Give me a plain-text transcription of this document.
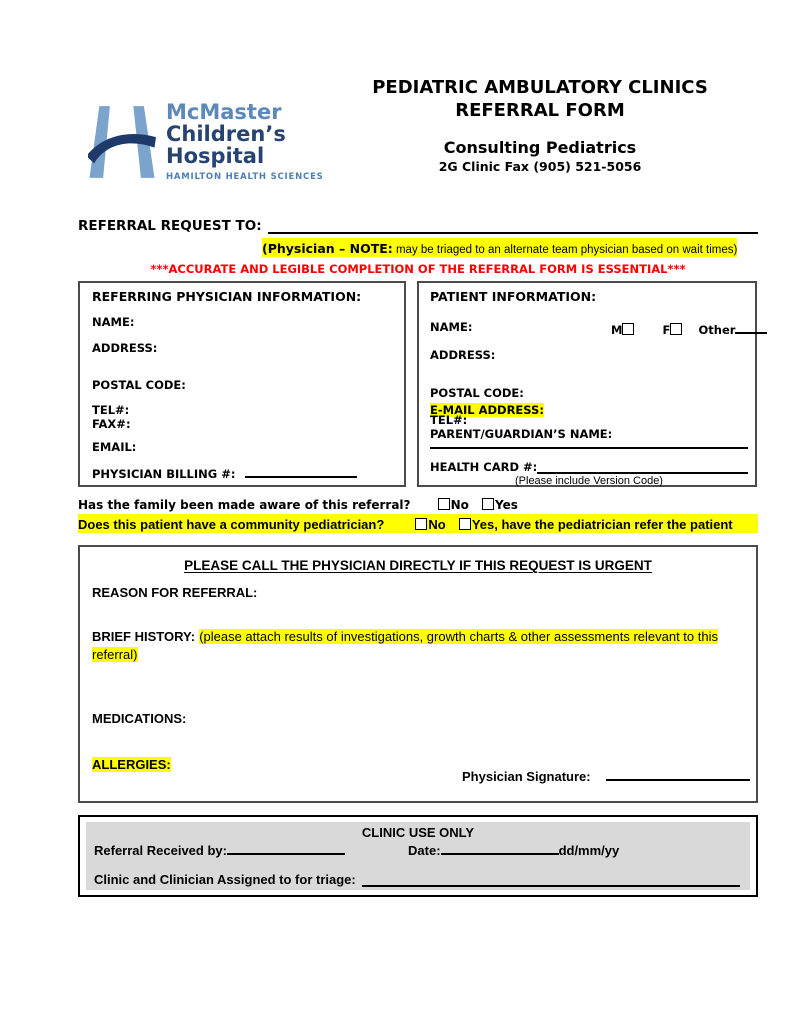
McMaster
Children’s
Hospital
HAMILTON HEALTH SCIENCES
PEDIATRIC AMBULATORY CLINICS
REFERRAL FORM
Consulting Pediatrics
2G Clinic Fax (905) 521-5056
REFERRAL REQUEST TO:
(Physician – NOTE: may be triaged to an alternate team physician based on wait times)
***ACCURATE AND LEGIBLE COMPLETION OF THE REFERRAL FORM IS ESSENTIAL***
REFERRING PHYSICIAN INFORMATION:
NAME:
ADDRESS:
POSTAL CODE:
TEL#:
FAX#:
EMAIL:
PHYSICIAN BILLING #:
PATIENT INFORMATION:
NAME:	M	F Other
ADDRESS:
POSTAL CODE:
E-MAIL ADDRESS:
TEL#:
PARENT/GUARDIAN’S NAME:
HEALTH CARD #:
(Please include Version Code)
Has the family been made aware of this referral?	No Yes
Does this patient have a community pediatrician?	No Yes, have the pediatrician refer the patient
PLEASE CALL THE PHYSICIAN DIRECTLY IF THIS REQUEST IS URGENT
REASON FOR REFERRAL:
BRIEF HISTORY: (please attach results of investigations, growth charts & other assessments relevant to this referral)
MEDICATIONS:
ALLERGIES:
Physician Signature:
CLINIC USE ONLY
Referral Received by:	Date:	dd/mm/yy
Clinic and Clinician Assigned to for triage:
